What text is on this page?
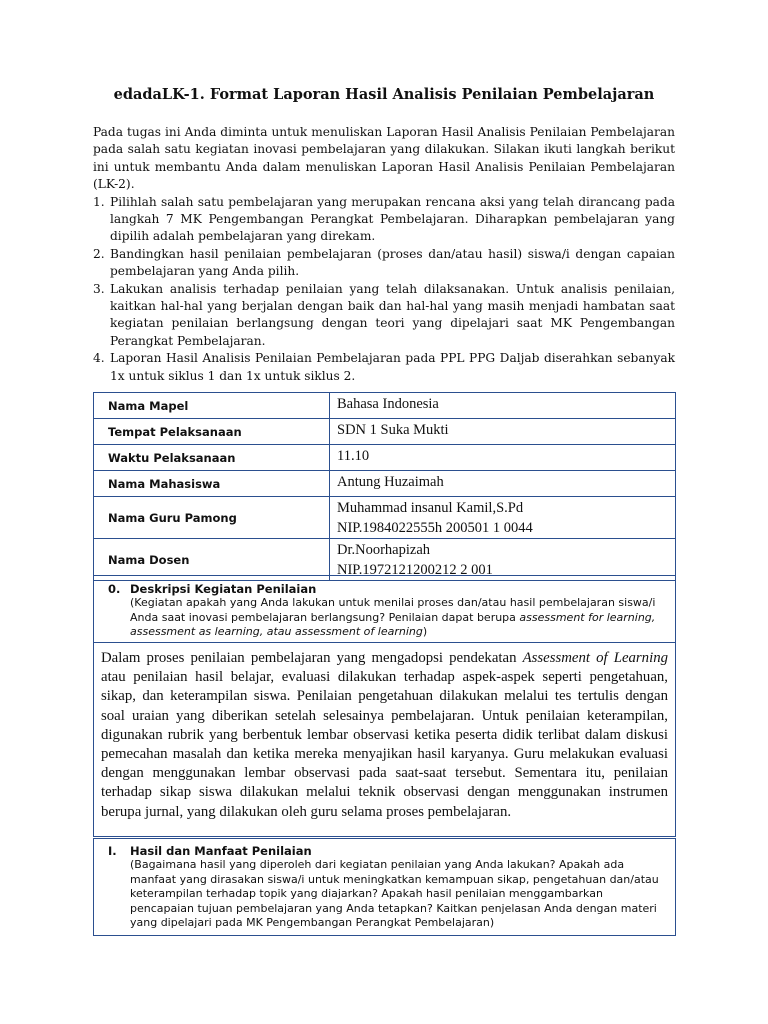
edadaLK-1. Format Laporan Hasil Analisis Penilaian Pembelajaran

Pada tugas ini Anda diminta untuk menuliskan Laporan Hasil Analisis Penilaian Pembelajaran pada salah satu kegiatan inovasi pembelajaran yang dilakukan. Silakan ikuti langkah berikut ini untuk membantu Anda dalam menuliskan Laporan Hasil Analisis Penilaian Pembelajaran (LK-2).

1. Pilihlah salah satu pembelajaran yang merupakan rencana aksi yang telah dirancang pada langkah 7 MK Pengembangan Perangkat Pembelajaran. Diharapkan pembelajaran yang dipilih adalah pembelajaran yang direkam.
2. Bandingkan hasil penilaian pembelajaran (proses dan/atau hasil) siswa/i dengan capaian pembelajaran yang Anda pilih.
3. Lakukan analisis terhadap penilaian yang telah dilaksanakan. Untuk analisis penilaian, kaitkan hal-hal yang berjalan dengan baik dan hal-hal yang masih menjadi hambatan saat kegiatan penilaian berlangsung dengan teori yang dipelajari saat MK Pengembangan Perangkat Pembelajaran.
4. Laporan Hasil Analisis Penilaian Pembelajaran pada PPL PPG Daljab diserahkan sebanyak 1x untuk siklus 1 dan 1x untuk siklus 2.
Nama Mapel	Bahasa Indonesia
Tempat Pelaksanaan	SDN 1 Suka Mukti
Waktu Pelaksanaan	11.10
Nama Mahasiswa	Antung Huzaimah
Nama Guru Pamong	Muhammad insanul Kamil,S.Pd
NIP.1984022555h 200501 1 0044

Nama Dosen	Dr.Noorhapizah
NIP.1972121200212 2 001
0. Deskripsi Kegiatan Penilaian
(Kegiatan apakah yang Anda lakukan untuk menilai proses dan/atau hasil pembelajaran siswa/i Anda saat inovasi pembelajaran berlangsung? Penilaian dapat berupa assessment for learning, assessment as learning, atau assessment of learning)
Dalam proses penilaian pembelajaran yang mengadopsi pendekatan Assessment of Learning atau penilaian hasil belajar, evaluasi dilakukan terhadap aspek-aspek seperti pengetahuan, sikap, dan keterampilan siswa. Penilaian pengetahuan dilakukan melalui tes tertulis dengan soal uraian yang diberikan setelah selesainya pembelajaran. Untuk penilaian keterampilan, digunakan rubrik yang berbentuk lembar observasi ketika peserta didik terlibat dalam diskusi pemecahan masalah dan ketika mereka menyajikan hasil karyanya. Guru melakukan evaluasi dengan menggunakan lembar observasi pada saat-saat tersebut. Sementara itu, penilaian terhadap sikap siswa dilakukan melalui teknik observasi dengan menggunakan instrumen berupa jurnal, yang dilakukan oleh guru selama proses pembelajaran.
I. Hasil dan Manfaat Penilaian
(Bagaimana hasil yang diperoleh dari kegiatan penilaian yang Anda lakukan? Apakah ada manfaat yang dirasakan siswa/i untuk meningkatkan kemampuan sikap, pengetahuan dan/atau keterampilan terhadap topik yang diajarkan? Apakah hasil penilaian menggambarkan pencapaian tujuan pembelajaran yang Anda tetapkan? Kaitkan penjelasan Anda dengan materi yang dipelajari pada MK Pengembangan Perangkat Pembelajaran)
